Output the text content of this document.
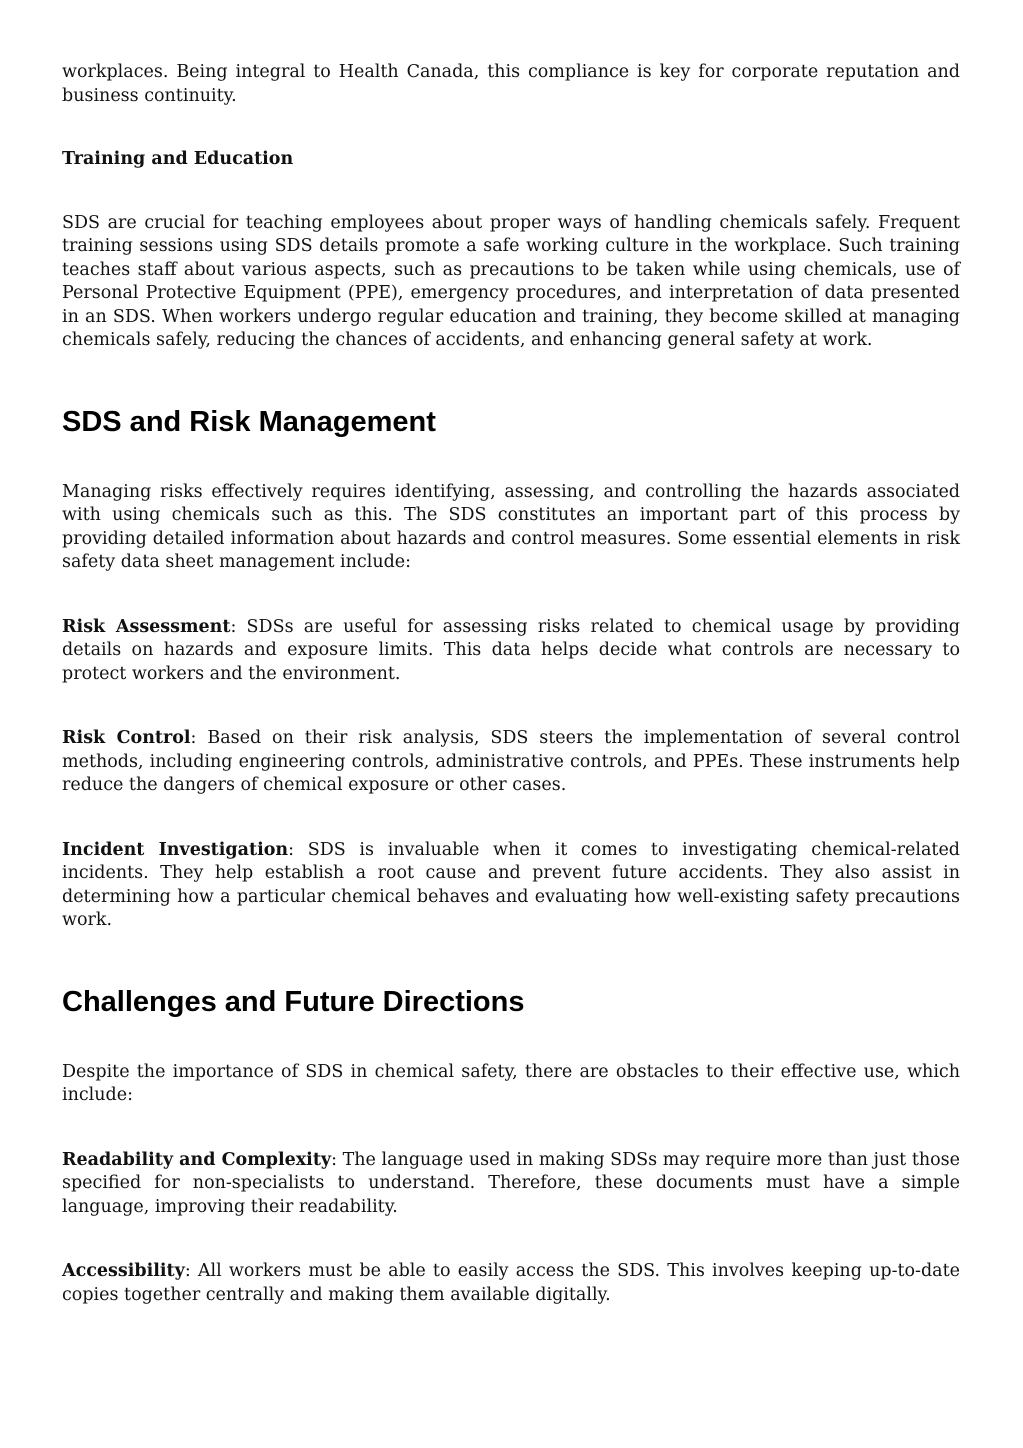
workplaces. Being integral to Health Canada, this compliance is key for corporate reputation and business continuity.

Training and Education

SDS are crucial for teaching employees about proper ways of handling chemicals safely. Frequent training sessions using SDS details promote a safe working culture in the workplace. Such training teaches staff about various aspects, such as precautions to be taken while using chemicals, use of Personal Protective Equipment (PPE), emergency procedures, and interpretation of data presented in an SDS. When workers undergo regular education and training, they become skilled at managing chemicals safely, reducing the chances of accidents, and enhancing general safety at work.

SDS and Risk Management

Managing risks effectively requires identifying, assessing, and controlling the hazards associated with using chemicals such as this. The SDS constitutes an important part of this process by providing detailed information about hazards and control measures. Some essential elements in risk safety data sheet management include:

Risk Assessment: SDSs are useful for assessing risks related to chemical usage by providing details on hazards and exposure limits. This data helps decide what controls are necessary to protect workers and the environment.

Risk Control: Based on their risk analysis, SDS steers the implementation of several control methods, including engineering controls, administrative controls, and PPEs. These instruments help reduce the dangers of chemical exposure or other cases.

Incident Investigation: SDS is invaluable when it comes to investigating chemical-related incidents. They help establish a root cause and prevent future accidents. They also assist in determining how a particular chemical behaves and evaluating how well-existing safety precautions work.

Challenges and Future Directions

Despite the importance of SDS in chemical safety, there are obstacles to their effective use, which include:

Readability and Complexity: The language used in making SDSs may require more than just those specified for non-specialists to understand. Therefore, these documents must have a simple language, improving their readability.

Accessibility: All workers must be able to easily access the SDS. This involves keeping up-to-date copies together centrally and making them available digitally.
